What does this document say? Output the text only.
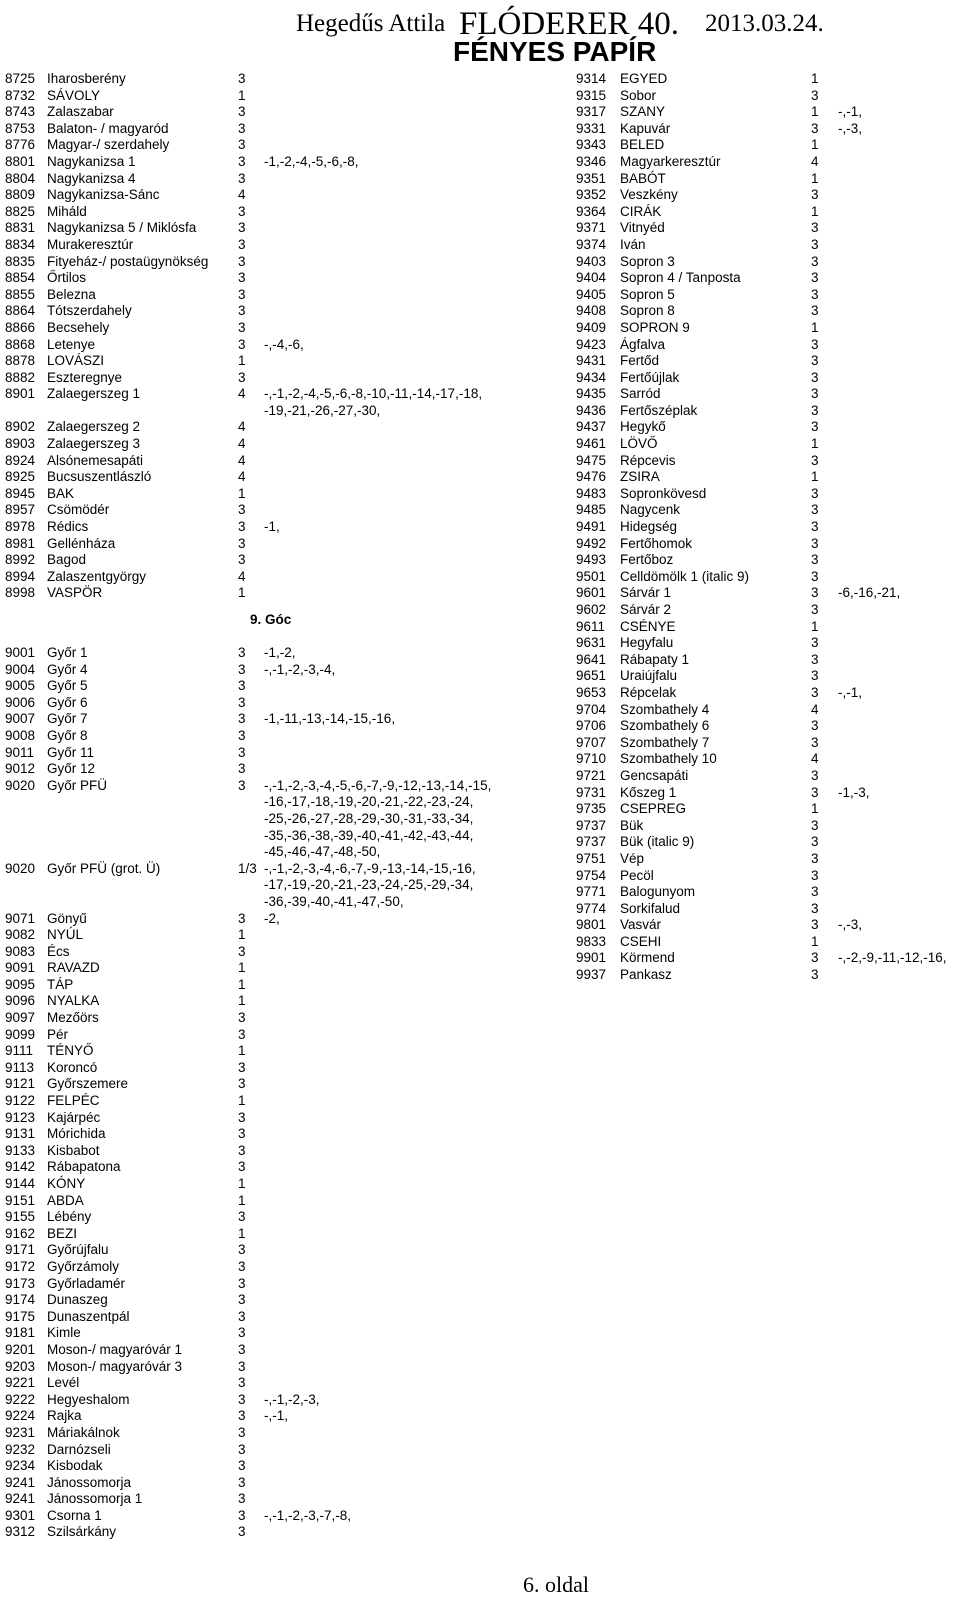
Hegedűs Attila FLÓDERER 40. 2013.03.24.
FÉNYES PAPÍR
8725 Iharosberény	3
8732 SÁVOLY	1
8743 Zalaszabar	3
8753 Balaton- / magyaród	3
8776 Magyar-/ szerdahely	3
8801 Nagykanizsa 1	3 -1,-2,-4,-5,-6,-8,
8804 Nagykanizsa 4	3
8809 Nagykanizsa-Sánc	4
8825 Miháld	3
8831 Nagykanizsa 5 / Miklósfa	3
8834 Murakeresztúr	3
8835 Fityeház-/ postaügynökség 3
8854 Őrtilos	3
8855 Belezna	3
8864 Tótszerdahely	3
8866 Becsehely	3
8868 Letenye	3 -,-4,-6,
8878 LOVÁSZI	1
8882 Eszteregnye	3
8901 Zalaegerszeg 1	4 -,-1,-2,-4,-5,-6,-8,-10,-11,-14,-17,-18,
-19,-21,-26,-27,-30,
8902 Zalaegerszeg 2	4
8903 Zalaegerszeg 3	4
8924 Alsónemesapáti	4
8925 Bucsuszentlászló	4
8945 BAK	1
8957 Csömödér	3
8978 Rédics	3 -1,
8981 Gellénháza	3
8992 Bagod	3
8994 Zalaszentgyörgy	4
8998 VASPÖR	1
9. Góc
9001 Győr 1	3 -1,-2,
9004 Győr 4	3 -,-1,-2,-3,-4,
9005 Győr 5	3
9006 Győr 6	3
9007 Győr 7	3 -1,-11,-13,-14,-15,-16,
9008 Győr 8	3
9011 Győr 11	3
9012 Győr 12	3
9020 Győr PFÜ	3 -,-1,-2,-3,-4,-5,-6,-7,-9,-12,-13,-14,-15,
-16,-17,-18,-19,-20,-21,-22,-23,-24,
-25,-26,-27,-28,-29,-30,-31,-33,-34,
-35,-36,-38,-39,-40,-41,-42,-43,-44,
-45,-46,-47,-48,-50,
9020 Győr PFÜ (grot. Ü)	1/3 -,-1,-2,-3,-4,-6,-7,-9,-13,-14,-15,-16,
-17,-19,-20,-21,-23,-24,-25,-29,-34,
-36,-39,-40,-41,-47,-50,
9071 Gönyű	3 -2,
9082 NYÚL	1
9083 Écs	3
9091 RAVAZD	1
9095 TÁP	1
9096 NYALKA	1
9097 Mezőörs	3
9099 Pér	3
9111 TÉNYŐ	1
9113 Koroncó	3
9121 Győrszemere	3
9122 FELPÉC	1
9123 Kajárpéc	3
9131 Mórichida	3
9133 Kisbabot	3
9142 Rábapatona	3
9144 KÓNY	1
9151 ABDA	1
9155 Lébény	3
9162 BEZI	1
9171 Győrújfalu	3
9172 Győrzámoly	3
9173 Győrladamér	3
9174 Dunaszeg	3
9175 Dunaszentpál	3
9181 Kimle	3
9201 Moson-/ magyaróvár 1	3
9203 Moson-/ magyaróvár 3	3
9221 Levél	3
9222 Hegyeshalom	3 -,-1,-2,-3,
9224 Rajka	3 -,-1,
9231 Máriakálnok	3
9232 Darnózseli	3
9234 Kisbodak	3
9241 Jánossomorja	3
9241 Jánossomorja 1	3
9301 Csorna 1	3 -,-1,-2,-3,-7,-8,
9312 Szilsárkány	3
9314 EGYED	1
9315 Sobor	3
9317 SZANY	1 -,-1,
9331 Kapuvár	3 -,-3,
9343 BELED	1
9346 Magyarkeresztúr	4
9351 BABÓT	1
9352 Veszkény	3
9364 CIRÁK	1
9371 Vitnyéd	3
9374 Iván	3
9403 Sopron 3	3
9404 Sopron 4 / Tanposta	3
9405 Sopron 5	3
9408 Sopron 8	3
9409 SOPRON 9	1
9423 Ágfalva	3
9431 Fertőd	3
9434 Fertőújlak	3
9435 Sarród	3
9436 Fertőszéplak	3
9437 Hegykő	3
9461 LÖVŐ	1
9475 Répcevis	3
9476 ZSIRA	1
9483 Sopronkövesd	3
9485 Nagycenk	3
9491 Hidegség	3
9492 Fertőhomok	3
9493 Fertőboz	3
9501 Celldömölk 1 (italic 9)	3
9601 Sárvár 1	3 -6,-16,-21,
9602 Sárvár 2	3
9611 CSÉNYE	1
9631 Hegyfalu	3
9641 Rábapaty 1	3
9651 Uraiújfalu	3
9653 Répcelak	3 -,-1,
9704 Szombathely 4	4
9706 Szombathely 6	3
9707 Szombathely 7	3
9710 Szombathely 10	4
9721 Gencsapáti	3
9731 Kőszeg 1	3 -1,-3,
9735 CSEPREG	1
9737 Bük	3
9737 Bük (italic 9)	3
9751 Vép	3
9754 Pecöl	3
9771 Balogunyom	3
9774 Sorkifalud	3
9801 Vasvár	3 -,-3,
9833 CSEHI	1
9901 Körmend	3 -,-2,-9,-11,-12,-16,
9937 Pankasz	3
6. oldal
